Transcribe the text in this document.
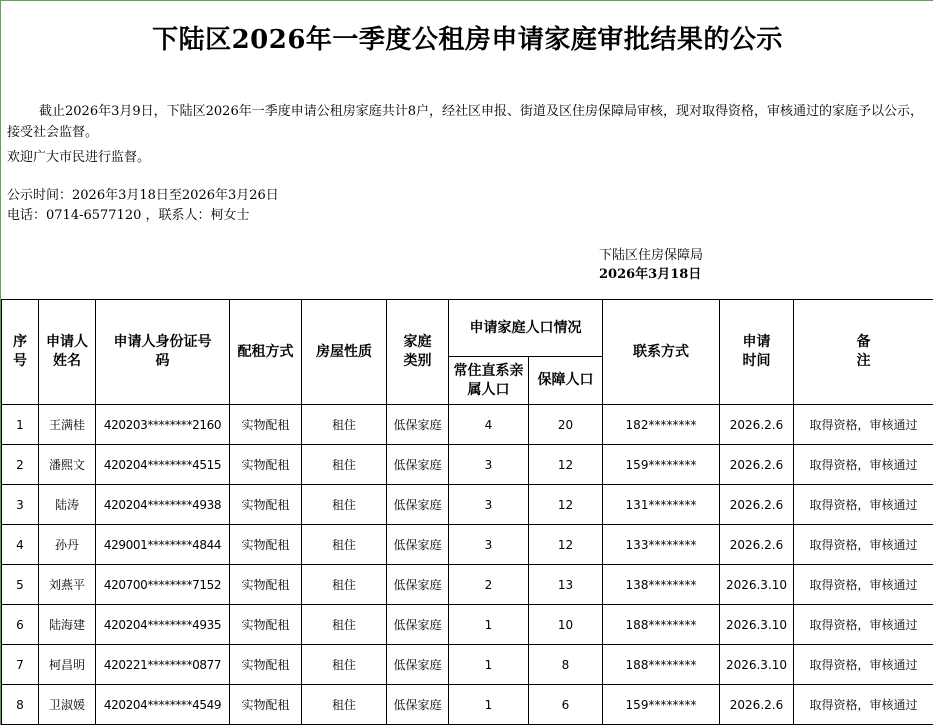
下陆区2026年一季度公租房申请家庭审批结果的公示
截止2026年3月9日，下陆区2026年一季度申请公租房家庭共计8户，经社区申报、街道及区住房保障局审核，现对取得资格，审核通过的家庭予以公示，接受社会监督。
欢迎广大市民进行监督。
公示时间：2026年3月18日至2026年3月26日
电话：0714-6577120 ，联系人：柯女士
下陆区住房保障局
2026年3月18日
序号	申请人姓名	申请人身份证号码	配租方式	房屋性质	家庭类别	申请家庭人口情况		联系方式	申请时间	备注
						常住直系亲属人口	保障人口			
1	王满桂	420203********2160	实物配租	租住	低保家庭	4	20	182********	2026.2.6	取得资格，审核通过
2	潘熙文	420204********4515	实物配租	租住	低保家庭	3	12	159********	2026.2.6	取得资格，审核通过
3	陆涛	420204********4938	实物配租	租住	低保家庭	3	12	131********	2026.2.6	取得资格，审核通过
4	孙丹	429001********4844	实物配租	租住	低保家庭	3	12	133********	2026.2.6	取得资格，审核通过
5	刘燕平	420700********7152	实物配租	租住	低保家庭	2	13	138********	2026.3.10	取得资格，审核通过
6	陆海建	420204********4935	实物配租	租住	低保家庭	1	10	188********	2026.3.10	取得资格，审核通过
7	柯昌明	420221********0877	实物配租	租住	低保家庭	1	8	188********	2026.3.10	取得资格，审核通过
8	卫淑媛	420204********4549	实物配租	租住	低保家庭	1	6	159********	2026.2.6	取得资格，审核通过
